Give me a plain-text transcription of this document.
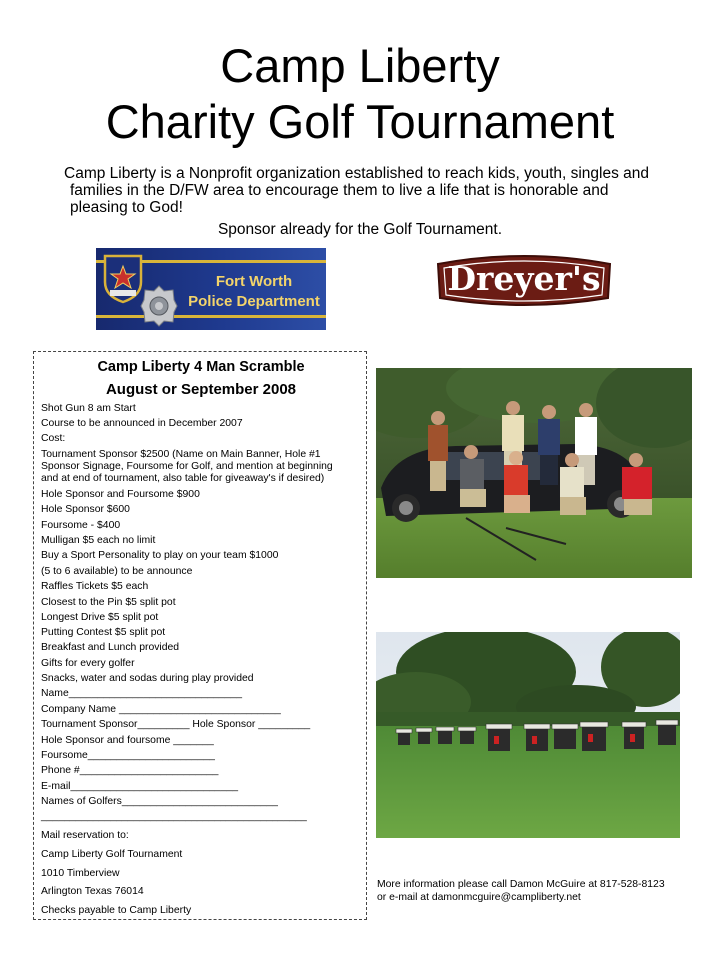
Camp Liberty
Charity Golf Tournament
Camp Liberty is a Nonprofit organization established to reach kids, youth, singles and
families in the D/FW area to encourage them to live a life that is honorable and
pleasing to God!
Sponsor already for the Golf Tournament.
Fort Worth
Police Department
Dreyer's
Camp Liberty 4 Man Scramble
August or September 2008
Shot Gun 8 am Start
Course to be announced in December 2007
Cost:
Tournament Sponsor $2500 (Name on Main Banner, Hole #1
Sponsor Signage, Foursome for Golf, and mention at beginning
and at end of tournament, also table for giveaway's if desired)
Hole Sponsor and Foursome $900
Hole Sponsor $600
Foursome - $400
Mulligan $5 each no limit
Buy a Sport Personality to play on your team $1000
(5 to 6 available) to be announce
Raffles Tickets $5 each
Closest to the Pin $5 split pot
Longest Drive $5 split pot
Putting Contest $5 split pot
Breakfast and Lunch provided
Gifts for every golfer
Snacks, water and sodas during play provided
Name______________________________
Company Name ____________________________
Tournament Sponsor_________ Hole Sponsor _________
Hole Sponsor and foursome _______
Foursome______________________
Phone #________________________
E-mail_____________________________
Names of Golfers___________________________
______________________________________________
Mail reservation to:
Camp Liberty Golf Tournament
1010 Timberview
Arlington Texas 76014
Checks payable to Camp Liberty
More information please call Damon McGuire at 817-528-8123
or e-mail at damonmcguire@campliberty.net
